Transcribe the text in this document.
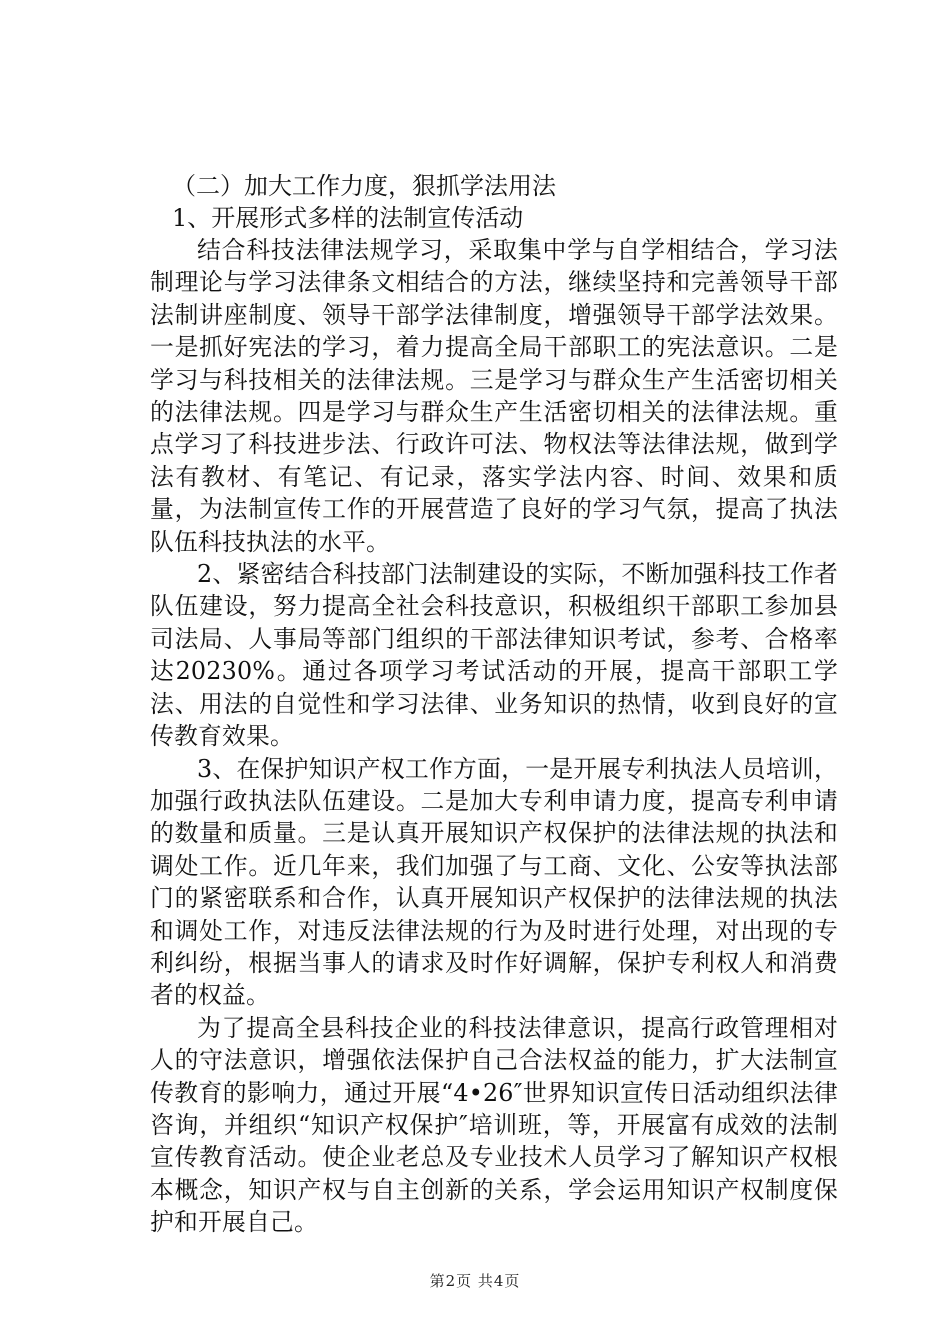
（二）加大工作力度，狠抓学法用法

1、开展形式多样的法制宣传活动

结合科技法律法规学习，采取集中学与自学相结合，学习法制理论与学习法律条文相结合的方法，继续坚持和完善领导干部法制讲座制度、领导干部学法律制度，增强领导干部学法效果。一是抓好宪法的学习，着力提高全局干部职工的宪法意识。二是学习与科技相关的法律法规。三是学习与群众生产生活密切相关的法律法规。四是学习与群众生产生活密切相关的法律法规。重点学习了科技进步法、行政许可法、物权法等法律法规，做到学法有教材、有笔记、有记录，落实学法内容、时间、效果和质量，为法制宣传工作的开展营造了良好的学习气氛，提高了执法队伍科技执法的水平。

2、紧密结合科技部门法制建设的实际，不断加强科技工作者队伍建设，努力提高全社会科技意识，积极组织干部职工参加县司法局、人事局等部门组织的干部法律知识考试，参考、合格率达20230%。通过各项学习考试活动的开展，提高干部职工学法、用法的自觉性和学习法律、业务知识的热情，收到良好的宣传教育效果。

3、在保护知识产权工作方面，一是开展专利执法人员培训，加强行政执法队伍建设。二是加大专利申请力度，提高专利申请的数量和质量。三是认真开展知识产权保护的法律法规的执法和调处工作。近几年来，我们加强了与工商、文化、公安等执法部门的紧密联系和合作，认真开展知识产权保护的法律法规的执法和调处工作，对违反法律法规的行为及时进行处理，对出现的专利纠纷，根据当事人的请求及时作好调解，保护专利权人和消费者的权益。

为了提高全县科技企业的科技法律意识，提高行政管理相对人的守法意识，增强依法保护自己合法权益的能力，扩大法制宣传教育的影响力，通过开展“4•26″世界知识宣传日活动组织法律咨询，并组织“知识产权保护″培训班，等，开展富有成效的法制宣传教育活动。使企业老总及专业技术人员学习了解知识产权根本概念，知识产权与自主创新的关系，学会运用知识产权制度保护和开展自己。

第2页 共4页
